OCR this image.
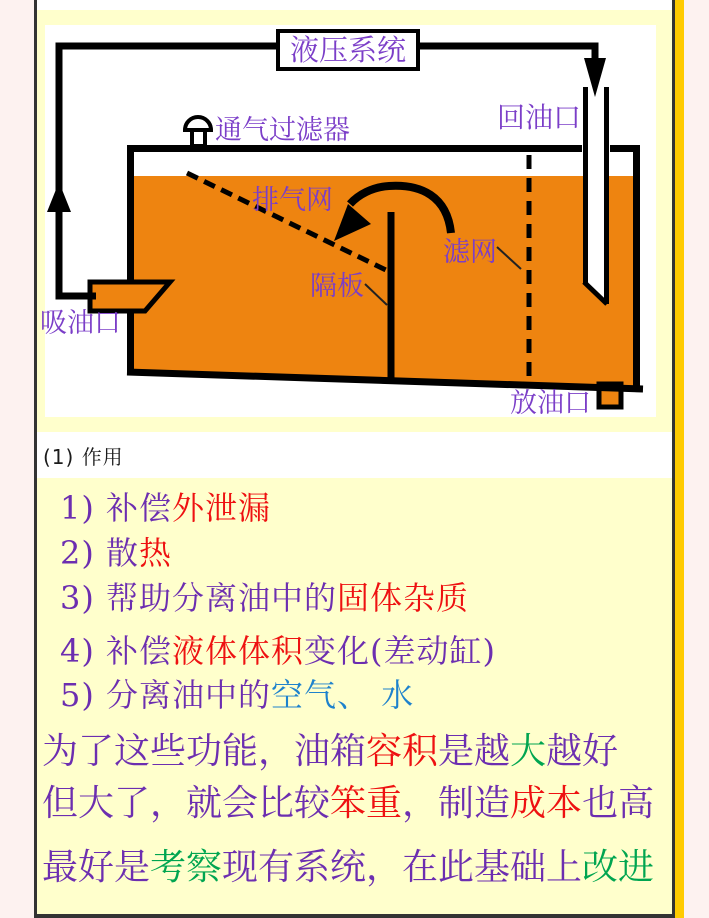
液压系统
通气过滤器	回油口
排气网
滤网
隔板
吸油口
放油口
(1) 作用
1) 补偿外泄漏
2) 散热
3) 帮助分离油中的固体杂质
4) 补偿液体体积变化(差动缸)
5) 分离油中的空气、 水
为了这些功能，油箱容积是越大越好
但大了，就会比较笨重，制造成本也高
最好是考察现有系统，在此基础上改进
